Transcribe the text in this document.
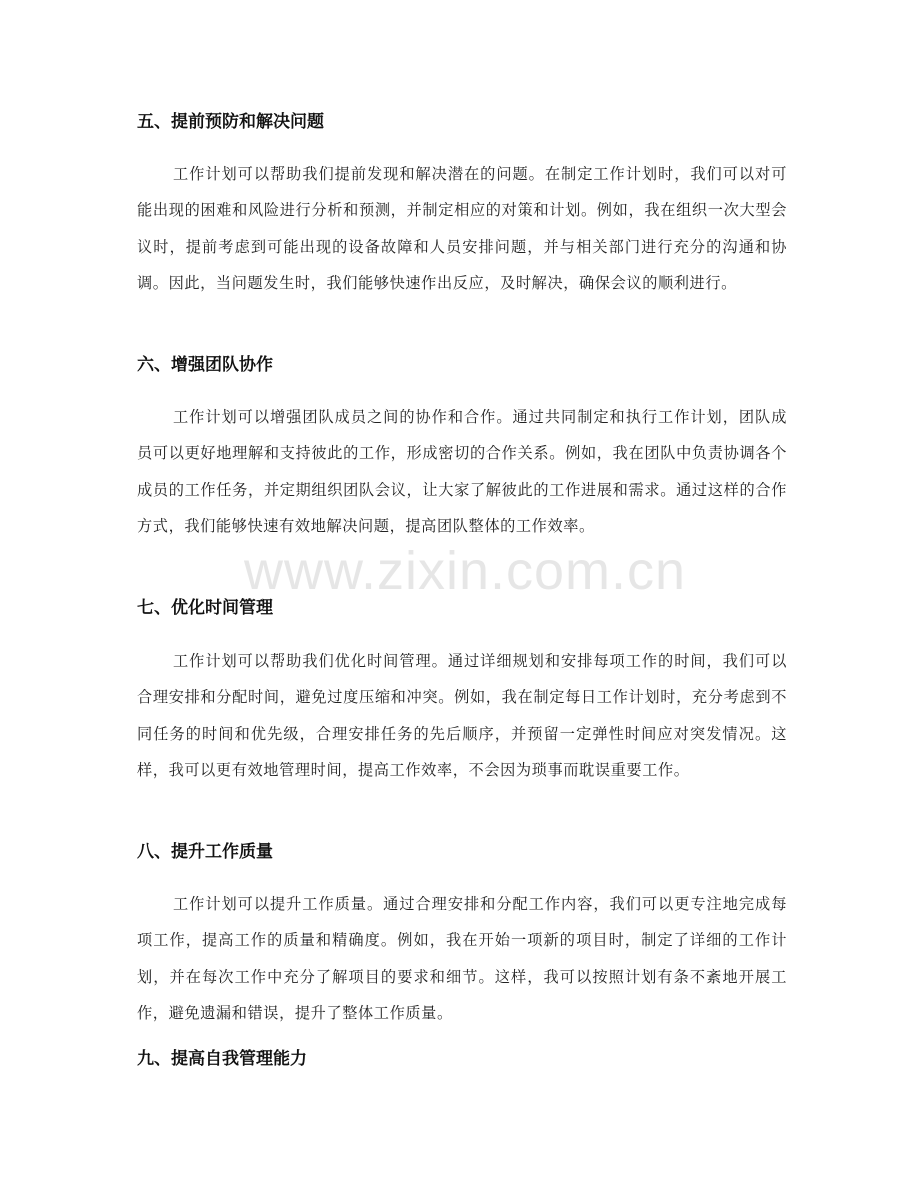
五、提前预防和解决问题

工作计划可以帮助我们提前发现和解决潜在的问题。在制定工作计划时，我们可以对可能出现的困难和风险进行分析和预测，并制定相应的对策和计划。例如，我在组织一次大型会议时，提前考虑到可能出现的设备故障和人员安排问题，并与相关部门进行充分的沟通和协调。因此，当问题发生时，我们能够快速作出反应，及时解决，确保会议的顺利进行。

六、增强团队协作

工作计划可以增强团队成员之间的协作和合作。通过共同制定和执行工作计划，团队成员可以更好地理解和支持彼此的工作，形成密切的合作关系。例如，我在团队中负责协调各个成员的工作任务，并定期组织团队会议，让大家了解彼此的工作进展和需求。通过这样的合作方式，我们能够快速有效地解决问题，提高团队整体的工作效率。

七、优化时间管理

工作计划可以帮助我们优化时间管理。通过详细规划和安排每项工作的时间，我们可以合理安排和分配时间，避免过度压缩和冲突。例如，我在制定每日工作计划时，充分考虑到不同任务的时间和优先级，合理安排任务的先后顺序，并预留一定弹性时间应对突发情况。这样，我可以更有效地管理时间，提高工作效率，不会因为琐事而耽误重要工作。

八、提升工作质量

工作计划可以提升工作质量。通过合理安排和分配工作内容，我们可以更专注地完成每项工作，提高工作的质量和精确度。例如，我在开始一项新的项目时，制定了详细的工作计划，并在每次工作中充分了解项目的要求和细节。这样，我可以按照计划有条不紊地开展工作，避免遗漏和错误，提升了整体工作质量。

九、提高自我管理能力
www.zixin.com.cn
